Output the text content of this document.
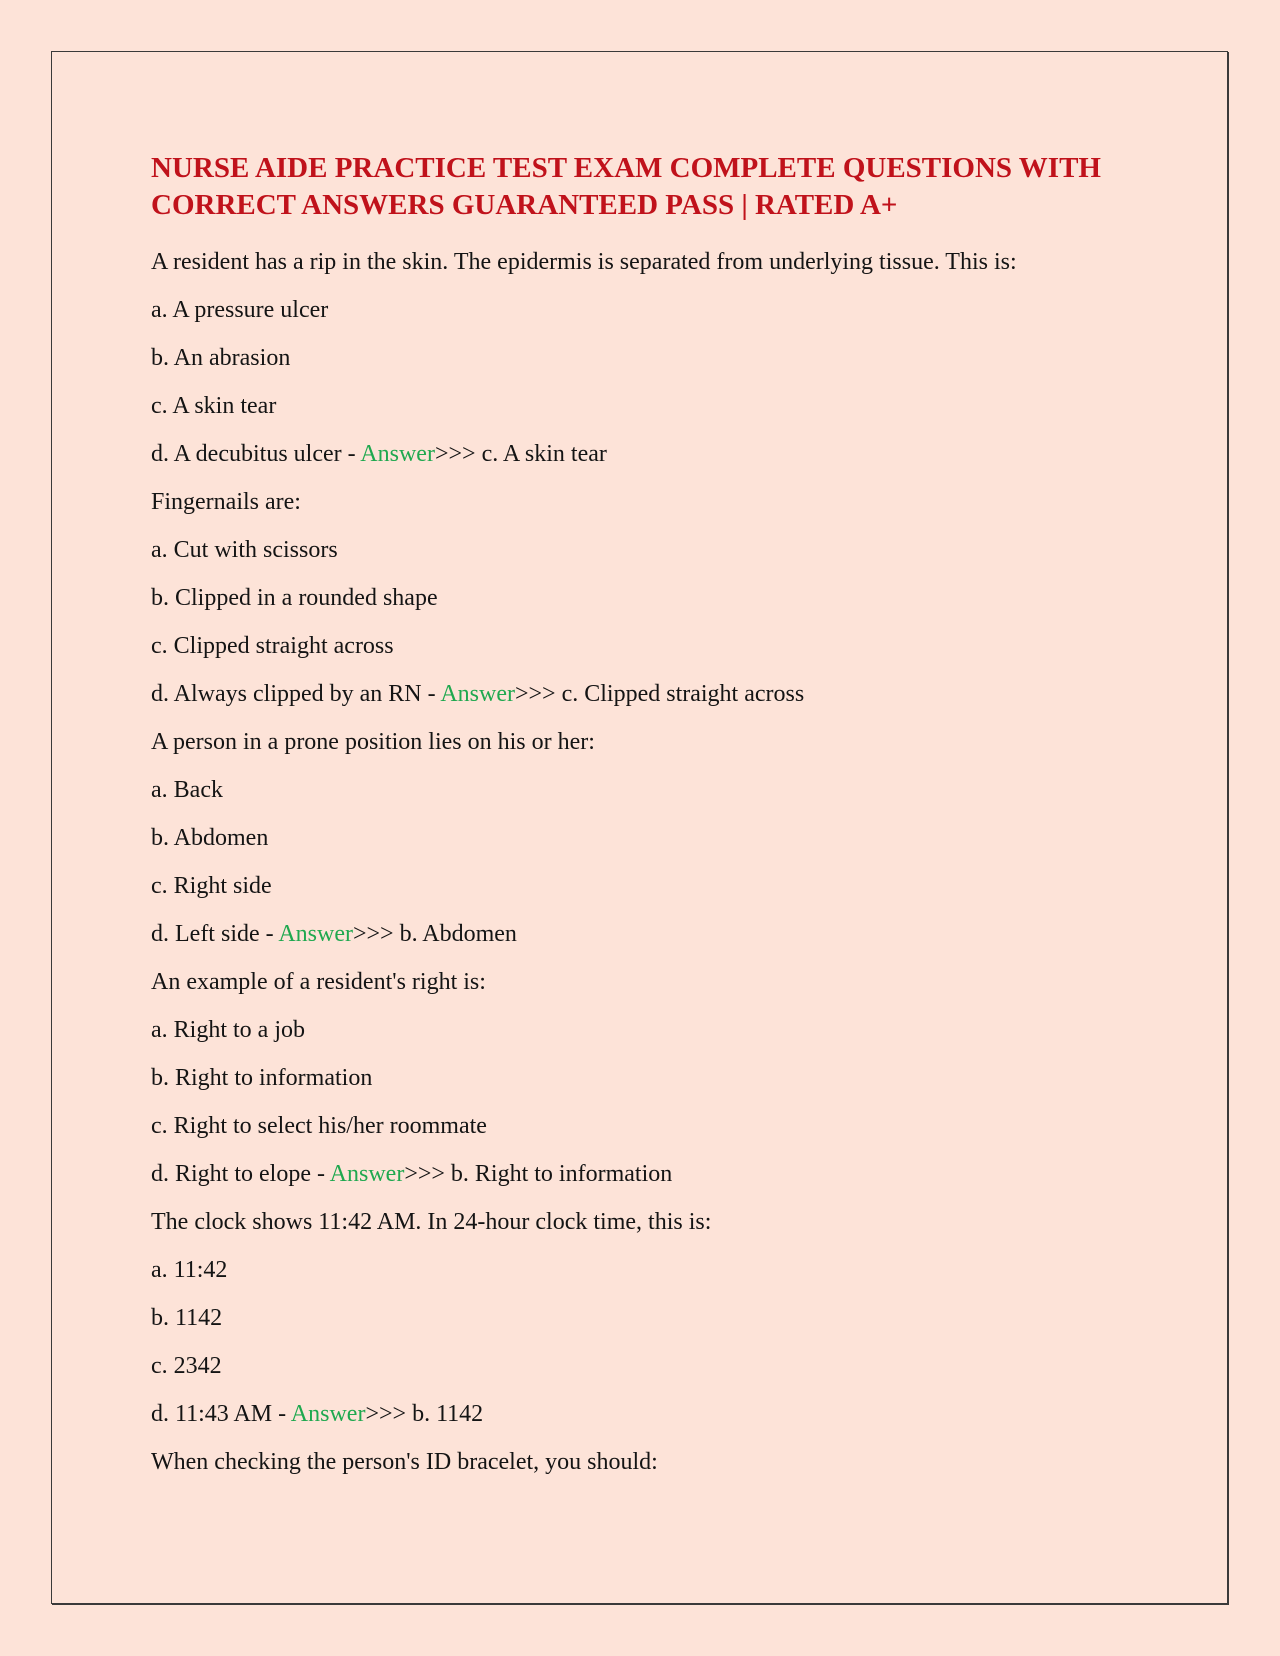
NURSE AIDE PRACTICE TEST EXAM COMPLETE QUESTIONS WITH CORRECT ANSWERS GUARANTEED PASS | RATED A+

A resident has a rip in the skin. The epidermis is separated from underlying tissue. This is:

a. A pressure ulcer

b. An abrasion

c. A skin tear

d. A decubitus ulcer - Answer>>> c. A skin tear

Fingernails are:

a. Cut with scissors

b. Clipped in a rounded shape

c. Clipped straight across

d. Always clipped by an RN - Answer>>> c. Clipped straight across

A person in a prone position lies on his or her:

a. Back

b. Abdomen

c. Right side

d. Left side - Answer>>> b. Abdomen

An example of a resident's right is:

a. Right to a job

b. Right to information

c. Right to select his/her roommate

d. Right to elope - Answer>>> b. Right to information

The clock shows 11:42 AM. In 24-hour clock time, this is:

a. 11:42

b. 1142

c. 2342

d. 11:43 AM - Answer>>> b. 1142

When checking the person's ID bracelet, you should:
